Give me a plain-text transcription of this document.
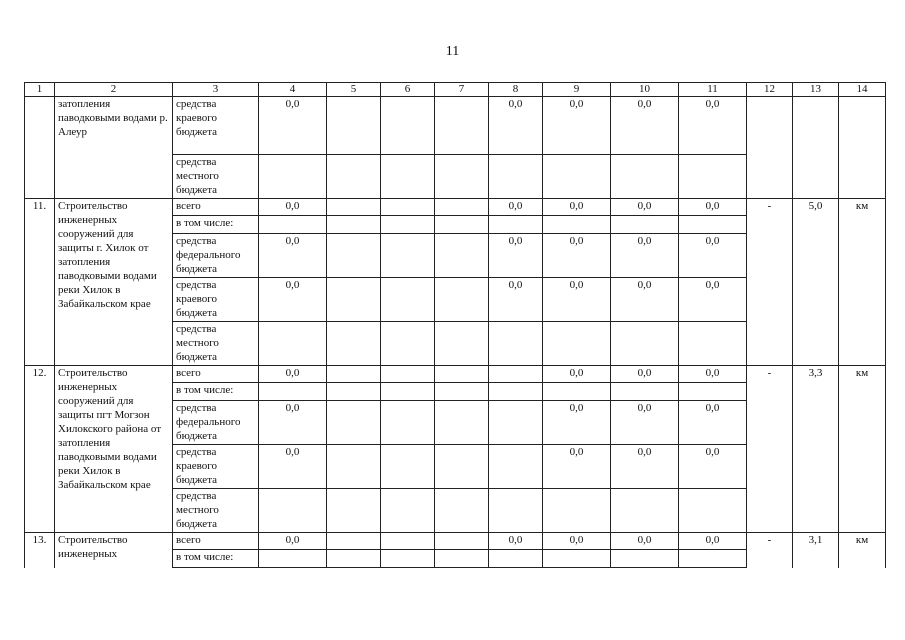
11
1	2	3	4	5	6	7	8	9	10	11	12	13	14
	затопления паводковыми водами р. Алеур	средства краевого бюджета	0,0				0,0	0,0	0,0	0,0			
		средства местного бюджета											
11.	Строительство инженерных сооружений для защиты г. Хилок от затопления паводковыми водами реки Хилок в Забайкальском крае	всего	0,0				0,0	0,0	0,0	0,0	-	5,0	км
		в том числе:											
		средства федерального бюджета	0,0				0,0	0,0	0,0	0,0			
		средства краевого бюджета	0,0				0,0	0,0	0,0	0,0			
		средства местного бюджета											
12.	Строительство инженерных сооружений для защиты пгт Могзон Хилокского района от затопления паводковыми водами реки Хилок в Забайкальском крае	всего	0,0					0,0	0,0	0,0	-	3,3	км
		в том числе:											
		средства федерального бюджета	0,0					0,0	0,0	0,0			
		средства краевого бюджета	0,0					0,0	0,0	0,0			
		средства местного бюджета											
13.	Строительство инженерных	всего	0,0				0,0	0,0	0,0	0,0	-	3,1	км
		в том числе:											
